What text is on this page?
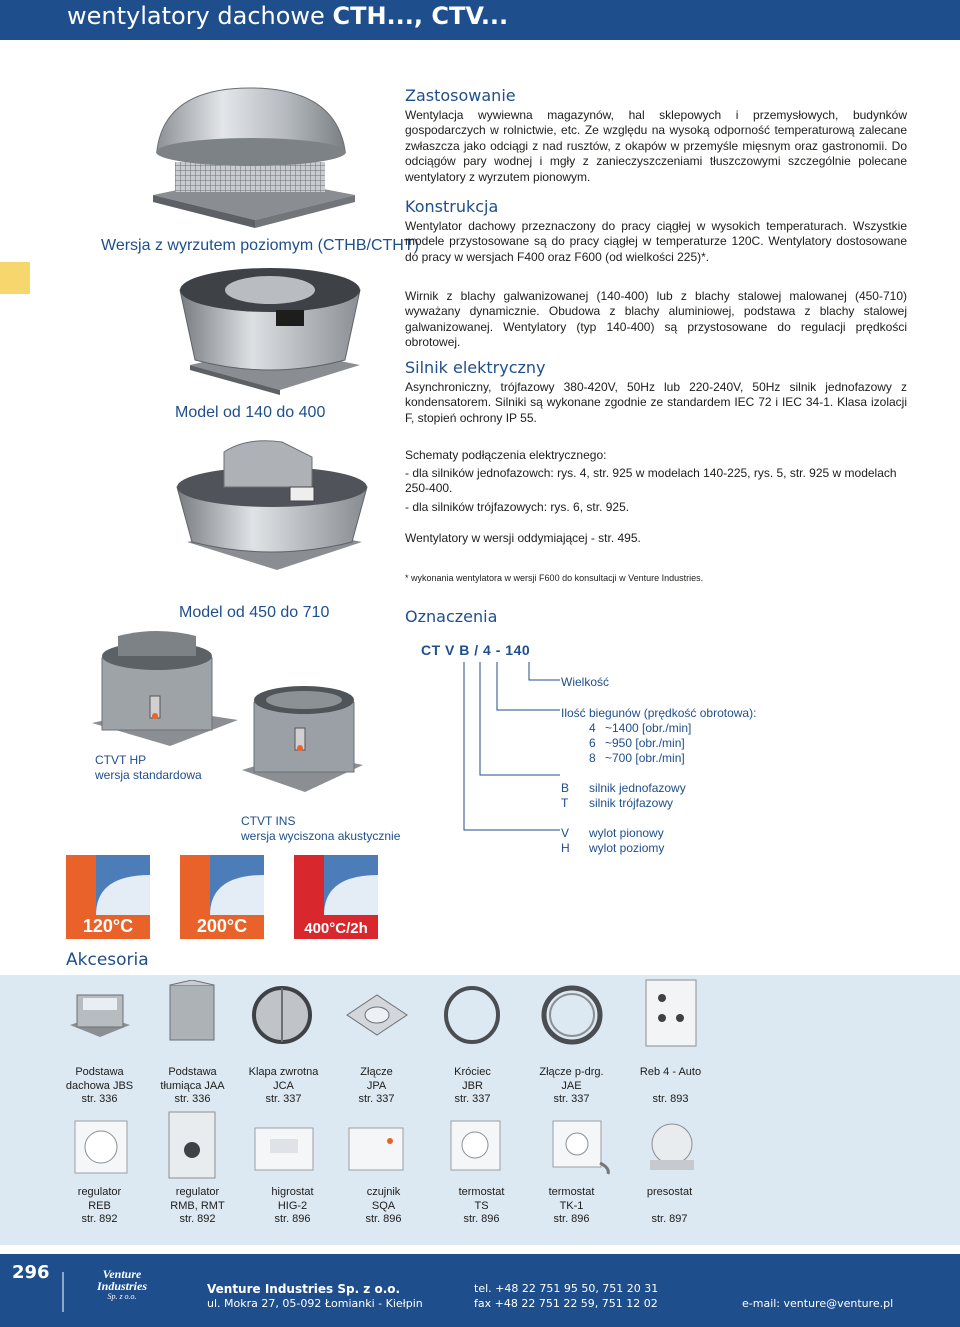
wentylatory dachowe CTH..., CTV...
Wersja z wyrzutem poziomym (CTHB/CTHT)
Model od 140 do 400
Model od 450 do 710
CTVT HP
wersja standardowa
CTVT INS
wersja wyciszona akustycznie
Zastosowanie
Wentylacja wywiewna magazynów, hal sklepowych i przemysłowych, budynków gospodarczych w rolnictwie, etc. Ze względu na wysoką odporność temperaturową zalecane zwłaszcza jako odciągi z nad rusztów, z okapów w przemyśle mięsnym oraz gastronomii. Do odciągów pary wodnej i mgły z zanieczyszczeniami tłuszczowymi szczególnie polecane wentylatory z wyrzutem pionowym.
Konstrukcja
Wentylator dachowy przeznaczony do pracy ciągłej w wysokich temperaturach. Wszystkie modele przystosowane są do pracy ciągłej w temperaturze 120C. Wentylatory dostosowane do pracy w wersjach F400 oraz F600 (od wielkości 225)*.
Wirnik z blachy galwanizowanej (140-400) lub z blachy stalowej malowanej (450-710) wyważany dynamicznie. Obudowa z blachy aluminiowej, podstawa z blachy stalowej galwanizowanej. Wentylatory (typ 140-400) są przystosowane do regulacji prędkości obrotowej.
Silnik elektryczny
Asynchroniczny, trójfazowy 380-420V, 50Hz lub 220-240V, 50Hz silnik jednofazowy z kondensatorem. Silniki są wykonane zgodnie ze standardem IEC 72 i IEC 34-1. Klasa izolacji F, stopień ochrony IP 55.
Schematy podłączenia elektrycznego:
- dla silników jednofazowch: rys. 4, str. 925 w modelach 140-225, rys. 5, str. 925 w modelach 250-400.
- dla silników trójfazowych: rys. 6, str. 925.
Wentylatory w wersji oddymiającej - str. 495.
* wykonania wentylatora w wersji F600 do konsultacji w Venture Industries.
Oznaczenia
CT V B / 4 - 140
Wielkość
Ilość biegunów (prędkość obrotowa):
4 ~1400 [obr./min]
6 ~950 [obr./min]
8 ~700 [obr./min]
B silnik jednofazowy
T silnik trójfazowy
V wylot pionowy
H wylot poziomy
120°C	200°C	400°C/2h
Akcesoria
Podstawa
dachowa JBS
str. 336
Podstawa
tłumiąca JAA
str. 336
Klapa zwrotna
JCA
str. 337
Złącze
JPA
str. 337
Króciec
JBR
str. 337
Złącze p-drg.
JAE
str. 337
Reb 4 - Auto
str. 893
regulator
REB
str. 892
regulator
RMB, RMT
str. 892
higrostat
HIG-2
str. 896
czujnik
SQA
str. 896
termostat
TS
str. 896
termostat
TK-1
str. 896
presostat
str. 897
296	Venture
Industries
Sp. z o.o.
Venture Industries Sp. z o.o.
ul. Mokra 27, 05-092 Łomianki - Kiełpin
tel. +48 22 751 95 50, 751 20 31
fax +48 22 751 22 59, 751 12 02	e-mail: venture@venture.pl
